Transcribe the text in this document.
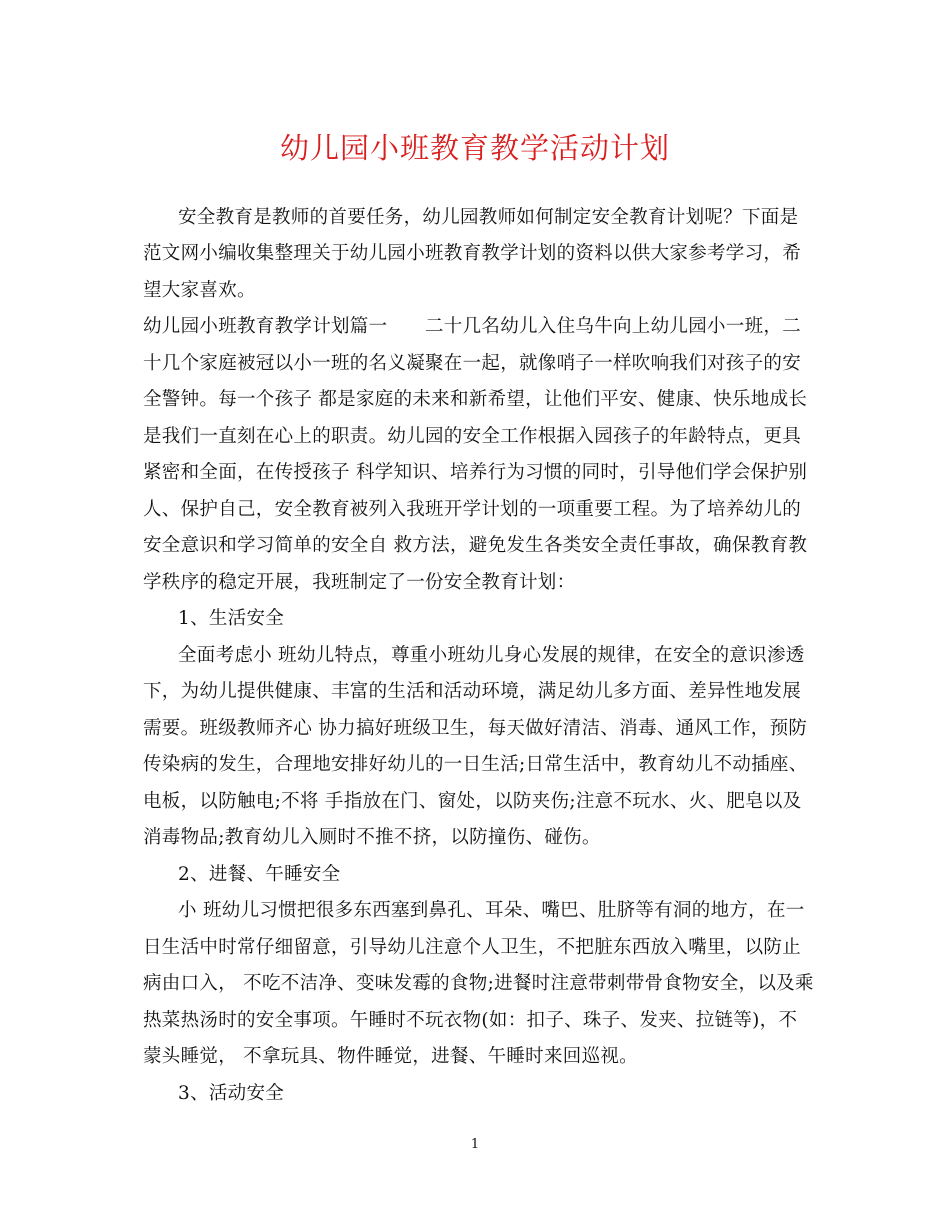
幼儿园小班教育教学活动计划
安全教育是教师的首要任务，幼儿园教师如何制定安全教育计划呢？下面是
范文网小编收集整理关于幼儿园小班教育教学计划的资料以供大家参考学习，希
望大家喜欢。
幼儿园小班教育教学计划篇一　　二十几名幼儿入住乌牛向上幼儿园小一班，二
十几个家庭被冠以小一班的名义凝聚在一起，就像哨子一样吹响我们对孩子的安
全警钟。每一个孩子 都是家庭的未来和新希望，让他们平安、健康、快乐地成长
是我们一直刻在心上的职责。幼儿园的安全工作根据入园孩子的年龄特点，更具
紧密和全面，在传授孩子 科学知识、培养行为习惯的同时，引导他们学会保护别
人、保护自己，安全教育被列入我班开学计划的一项重要工程。为了培养幼儿的
安全意识和学习简单的安全自 救方法，避免发生各类安全责任事故，确保教育教
学秩序的稳定开展，我班制定了一份安全教育计划：
1、生活安全
全面考虑小 班幼儿特点，尊重小班幼儿身心发展的规律，在安全的意识渗透
下，为幼儿提供健康、丰富的生活和活动环境，满足幼儿多方面、差异性地发展
需要。班级教师齐心 协力搞好班级卫生，每天做好清洁、消毒、通风工作，预防
传染病的发生，合理地安排好幼儿的一日生活;日常生活中，教育幼儿不动插座、
电板，以防触电;不将 手指放在门、窗处，以防夹伤;注意不玩水、火、肥皂以及
消毒物品;教育幼儿入厕时不推不挤，以防撞伤、碰伤。
2、进餐、午睡安全
小 班幼儿习惯把很多东西塞到鼻孔、耳朵、嘴巴、肚脐等有洞的地方，在一
日生活中时常仔细留意，引导幼儿注意个人卫生，不把脏东西放入嘴里，以防止
病由口入， 不吃不洁净、变味发霉的食物;进餐时注意带刺带骨食物安全，以及乘
热菜热汤时的安全事项。午睡时不玩衣物(如：扣子、珠子、发夹、拉链等)，不
蒙头睡觉， 不拿玩具、物件睡觉，进餐、午睡时来回巡视。
3、活动安全
1
